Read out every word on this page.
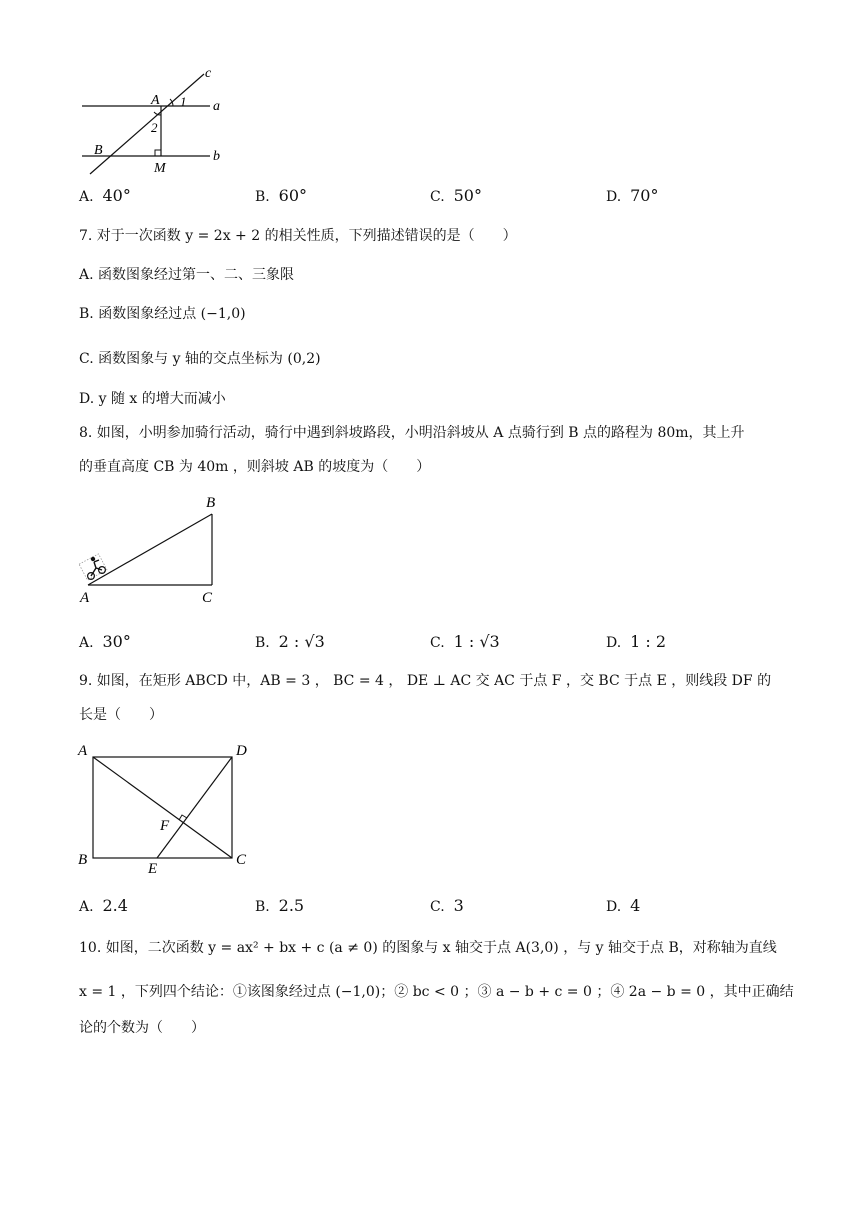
c
a
b
A
B
M
1
2
A. 40°	B. 60°	C. 50°	D. 70°
7. 对于一次函数 y = 2x + 2 的相关性质，下列描述错误的是（　　）
A. 函数图象经过第一、二、三象限
B. 函数图象经过点 (−1,0)
C. 函数图象与 y 轴的交点坐标为 (0,2)
D. y 随 x 的增大而减小
8. 如图，小明参加骑行活动，骑行中遇到斜坡路段，小明沿斜坡从 A 点骑行到 B 点的路程为 80m，其上升
的垂直高度 CB 为 40m ，则斜坡 AB 的坡度为（　　）
A
B
C
A. 30°	B. 2 : √3	C. 1 : √3	D. 1 : 2
9. 如图，在矩形 ABCD 中，AB = 3 ， BC = 4 ， DE ⊥ AC 交 AC 于点 F ，交 BC 于点 E ，则线段 DF 的
长是（　　）
A	D
B	C
E
F
A. 2.4	B. 2.5	C. 3	D. 4
10. 如图，二次函数 y = ax² + bx + c (a ≠ 0) 的图象与 x 轴交于点 A(3,0) ，与 y 轴交于点 B，对称轴为直线
x = 1 ，下列四个结论：①该图象经过点 (−1,0)；② bc < 0 ；③ a − b + c = 0 ；④ 2a − b = 0 ，其中正确结
论的个数为（　　）
